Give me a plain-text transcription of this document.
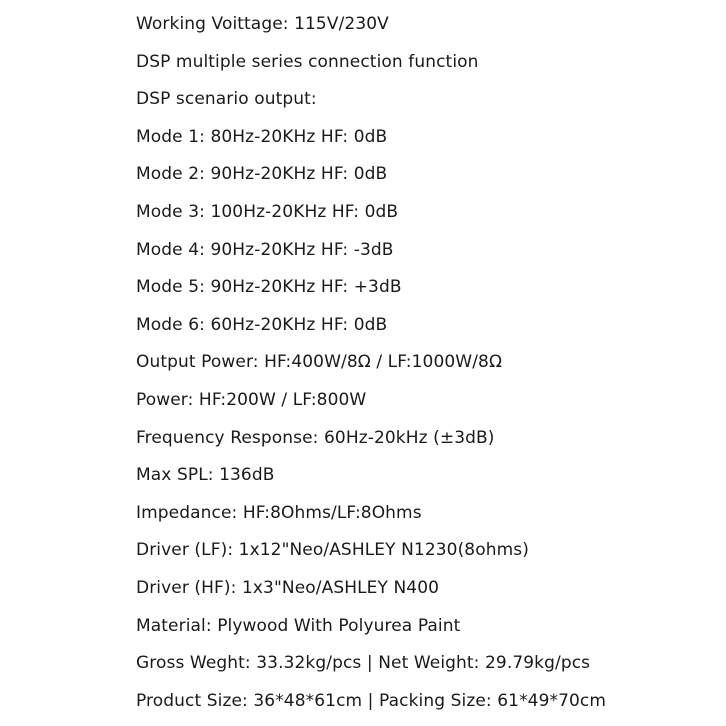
Working Voittage: 115V/230V
DSP multiple series connection function
DSP scenario output:
Mode 1: 80Hz-20KHz HF: 0dB
Mode 2: 90Hz-20KHz HF: 0dB
Mode 3: 100Hz-20KHz HF: 0dB
Mode 4: 90Hz-20KHz HF: -3dB
Mode 5: 90Hz-20KHz HF: +3dB
Mode 6: 60Hz-20KHz HF: 0dB
Output Power: HF:400W/8Ω / LF:1000W/8Ω
Power: HF:200W / LF:800W
Frequency Response: 60Hz-20kHz (±3dB)
Max SPL: 136dB
Impedance: HF:8Ohms/LF:8Ohms
Driver (LF): 1x12"Neo/ASHLEY N1230(8ohms)
Driver (HF): 1x3"Neo/ASHLEY N400
Material: Plywood With Polyurea Paint
Gross Weght: 33.32kg/pcs | Net Weight: 29.79kg/pcs
Product Size: 36*48*61cm | Packing Size: 61*49*70cm
